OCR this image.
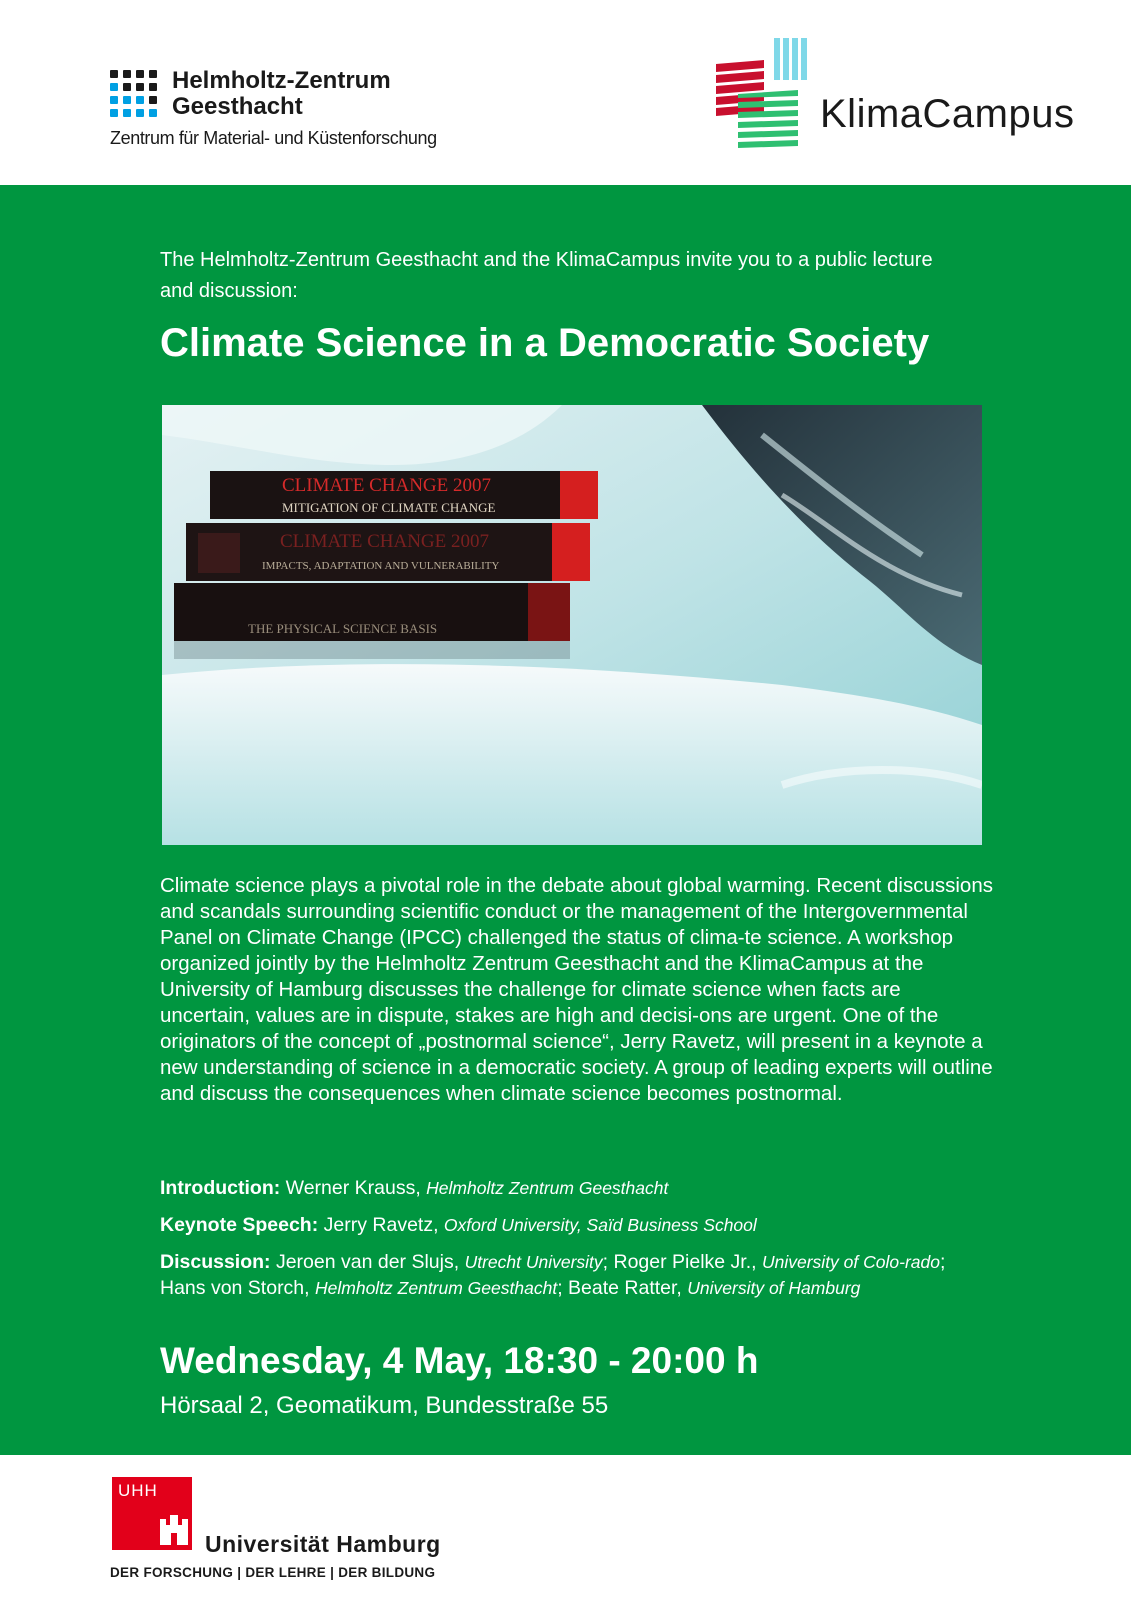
Helmholtz-Zentrum
Geesthacht
Zentrum für Material- und Küstenforschung
KlimaCampus
The Helmholtz-Zentrum Geesthacht and the KlimaCampus invite you to a public lecture and discussion:
Climate Science in a Democratic Society
CLIMATE CHANGE 2007
MITIGATION OF CLIMATE CHANGE
CLIMATE CHANGE 2007
IMPACTS, ADAPTATION AND VULNERABILITY
THE PHYSICAL SCIENCE BASIS
Climate science plays a pivotal role in the debate about global warming. Recent discussions and scandals surrounding scientific conduct or the management of the Intergovernmental Panel on Climate Change (IPCC) challenged the status of clima-te science. A workshop organized jointly by the Helmholtz Zentrum Geesthacht and the KlimaCampus at the University of Hamburg discusses the challenge for climate science when facts are uncertain, values are in dispute, stakes are high and decisi-ons are urgent. One of the originators of the concept of „postnormal science“, Jerry Ravetz, will present in a keynote a new understanding of science in a democratic society. A group of leading experts will outline and discuss the consequences when climate science becomes postnormal.

Introduction: Werner Krauss, Helmholtz Zentrum Geesthacht

Keynote Speech: Jerry Ravetz, Oxford University, Saïd Business School

Discussion: Jeroen van der Slujs, Utrecht University; Roger Pielke Jr., University of Colo-rado; Hans von Storch, Helmholtz Zentrum Geesthacht; Beate Ratter, University of Hamburg

Wednesday, 4 May, 18:30 - 20:00 h
Hörsaal 2, Geomatikum, Bundesstraße 55
UHH
Universität Hamburg
DER FORSCHUNG | DER LEHRE | DER BILDUNG
